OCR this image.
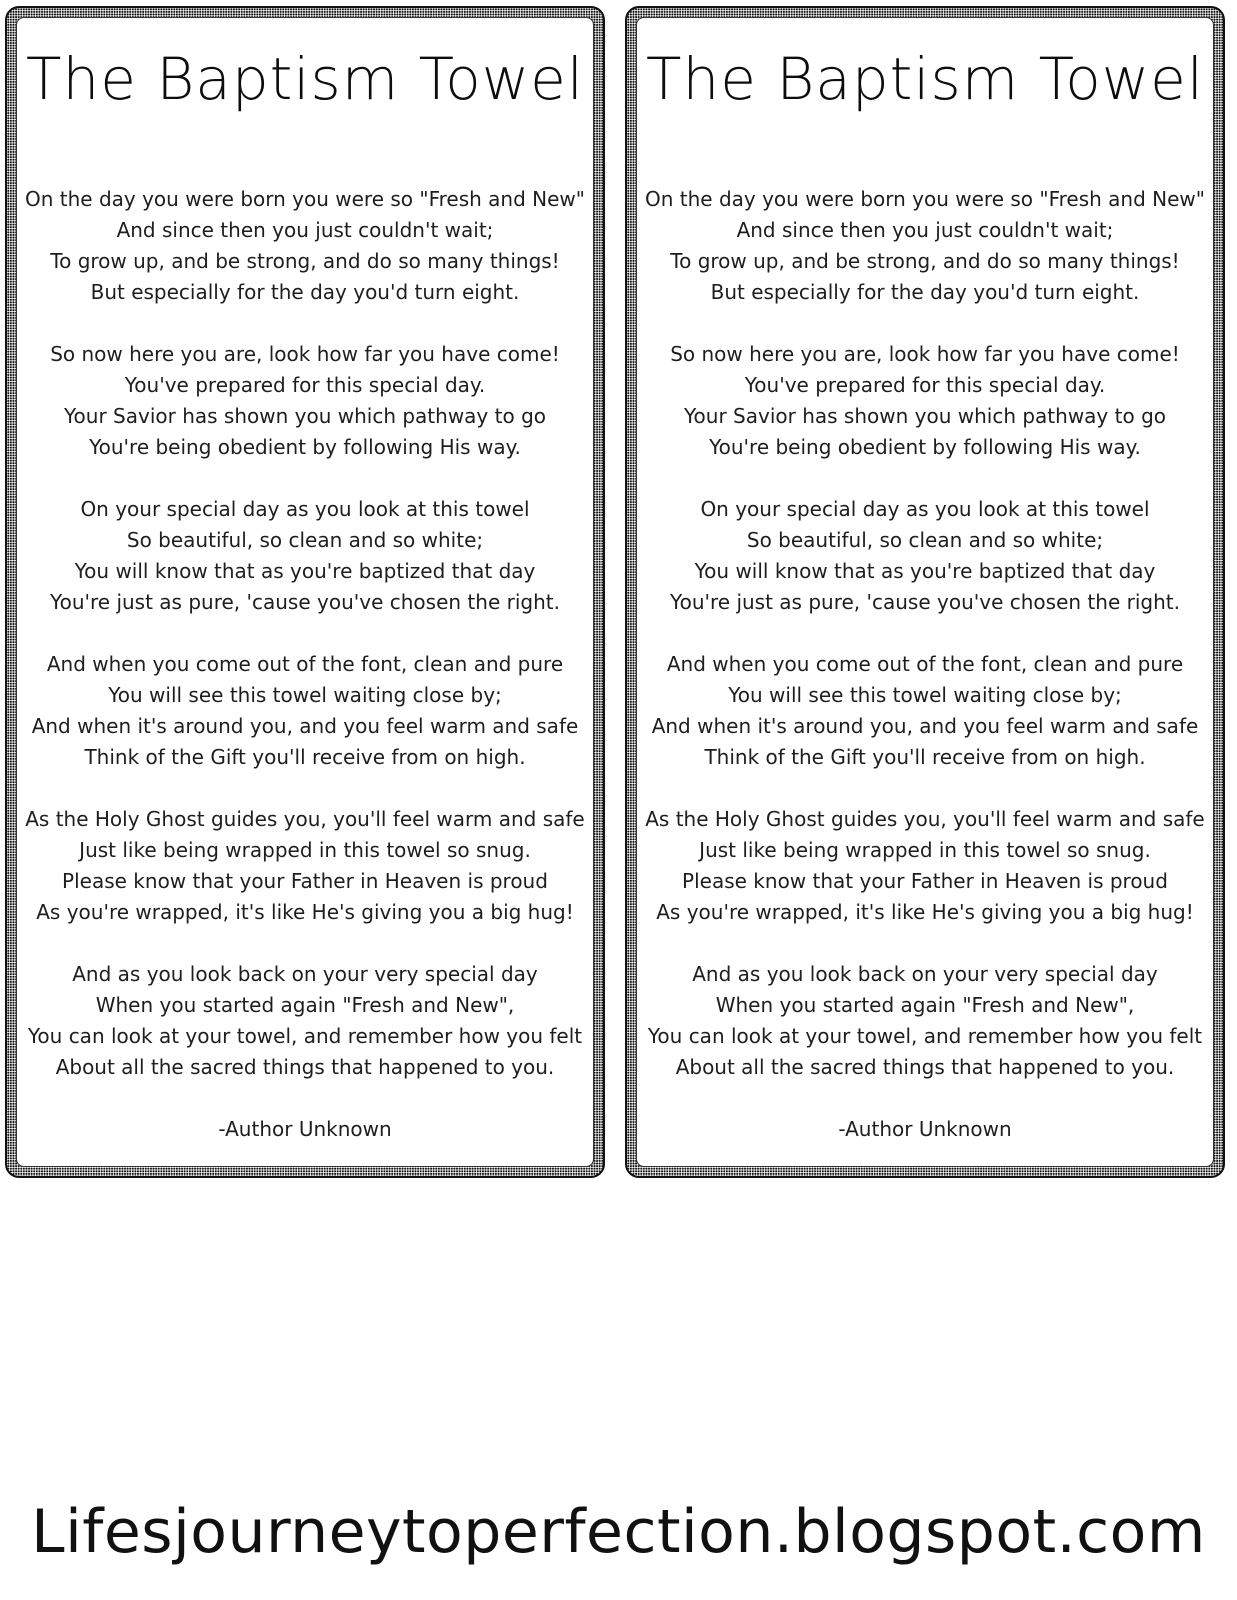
The Baptism Towel
On the day you were born you were so "Fresh and New"
And since then you just couldn't wait;
To grow up, and be strong, and do so many things!
But especially for the day you'd turn eight.
So now here you are, look how far you have come!
You've prepared for this special day.
Your Savior has shown you which pathway to go
You're being obedient by following His way.
On your special day as you look at this towel
So beautiful, so clean and so white;
You will know that as you're baptized that day
You're just as pure, 'cause you've chosen the right.
And when you come out of the font, clean and pure
You will see this towel waiting close by;
And when it's around you, and you feel warm and safe
Think of the Gift you'll receive from on high.
As the Holy Ghost guides you, you'll feel warm and safe
Just like being wrapped in this towel so snug.
Please know that your Father in Heaven is proud
As you're wrapped, it's like He's giving you a big hug!
And as you look back on your very special day
When you started again "Fresh and New",
You can look at your towel, and remember how you felt
About all the sacred things that happened to you.
-Author Unknown
The Baptism Towel
On the day you were born you were so "Fresh and New"
And since then you just couldn't wait;
To grow up, and be strong, and do so many things!
But especially for the day you'd turn eight.
So now here you are, look how far you have come!
You've prepared for this special day.
Your Savior has shown you which pathway to go
You're being obedient by following His way.
On your special day as you look at this towel
So beautiful, so clean and so white;
You will know that as you're baptized that day
You're just as pure, 'cause you've chosen the right.
And when you come out of the font, clean and pure
You will see this towel waiting close by;
And when it's around you, and you feel warm and safe
Think of the Gift you'll receive from on high.
As the Holy Ghost guides you, you'll feel warm and safe
Just like being wrapped in this towel so snug.
Please know that your Father in Heaven is proud
As you're wrapped, it's like He's giving you a big hug!
And as you look back on your very special day
When you started again "Fresh and New",
You can look at your towel, and remember how you felt
About all the sacred things that happened to you.
-Author Unknown
Lifesjourneytoperfection.blogspot.com
